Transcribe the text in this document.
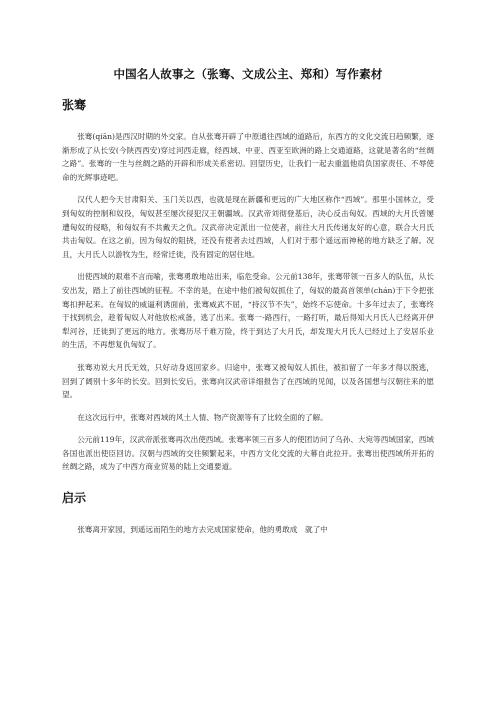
中国名人故事之（张骞、文成公主、郑和）写作素材
张骞

张骞(qiān)是西汉时期的外交家。自从张骞开辟了中原通往西域的道路后，东西方的文化交流日趋频繁，逐渐形成了从长安(今陕西西安)穿过河西走廊，经西域、中亚、西亚至欧洲的路上交通道路，这就是著名的“丝绸之路”。张骞的一生与丝绸之路的开辟和形成关系密切。回望历史，让我们一起去重温他肩负国家责任、不辱使命的光辉事迹吧。

汉代人把今天甘肃阳关、玉门关以西，也就是现在新疆和更远的广大地区称作“西域”。那里小国林立，受到匈奴的控制和奴役，匈奴甚至屡次侵犯汉王朝疆域。汉武帝刘彻登基后，决心反击匈奴。西域的大月氏曾屡遭匈奴的侵略，和匈奴有不共戴天之仇。汉武帝决定派出一位使者，前往大月氏传递友好的心意，联合大月氏共击匈奴。在这之前，因为匈奴的阻挠，还没有使者去过西域，人们对于那个遥远而神秘的地方缺乏了解。况且，大月氏人以游牧为生，经常迁徙，没有固定的居住地。

出使西域的艰难不言而喻，张骞勇敢地站出来，临危受命。公元前138年，张骞带领一百多人的队伍，从长安出发，踏上了前往西域的征程。不幸的是，在途中他们被匈奴抓住了，匈奴的最高首领单(chán)于下令把张骞扣押起来。在匈奴的威逼利诱面前，张骞威武不屈，“持汉节不失”，始终不忘使命。十多年过去了，张骞终于找到机会，趁着匈奴人对他放松戒备，逃了出来。张骞一-路西行，一路打听，最后得知大月氏人已经离开伊犁河谷，迁徙到了更远的地方。张骞历尽千难万险，终于到达了大月氏，却发现大月氏人已经过上了安居乐业的生活，不再想复仇匈奴了。

张骞劝说大月氏无效，只好动身返回家乡。归途中，张骞又被匈奴人抓住，被扣留了一年多才得以脱逃，回到了阔别十多年的长安。回到长安后，张骞向汉武帝详细报告了在西域的见闻，以及各国想与汉朝往来的愿望。

在这次远行中，张骞对西域的风土人情、物产资源等有了比较全面的了解。

公元前119年，汉武帝派张骞再次出使西域。张骞率领三百多人的使团访问了乌孙、大宛等西域国家，西域各国也派出使臣回访。汉朝与西域的交往频繁起来，中西方文化交流的大幕自此拉开。张骞出使西域所开拓的丝绸之路，成为了中西方商业贸易的陆上交通要道。

启示

张骞离开家园，到遥远而陌生的地方去完成国家使命，他的勇敢成　就了中
